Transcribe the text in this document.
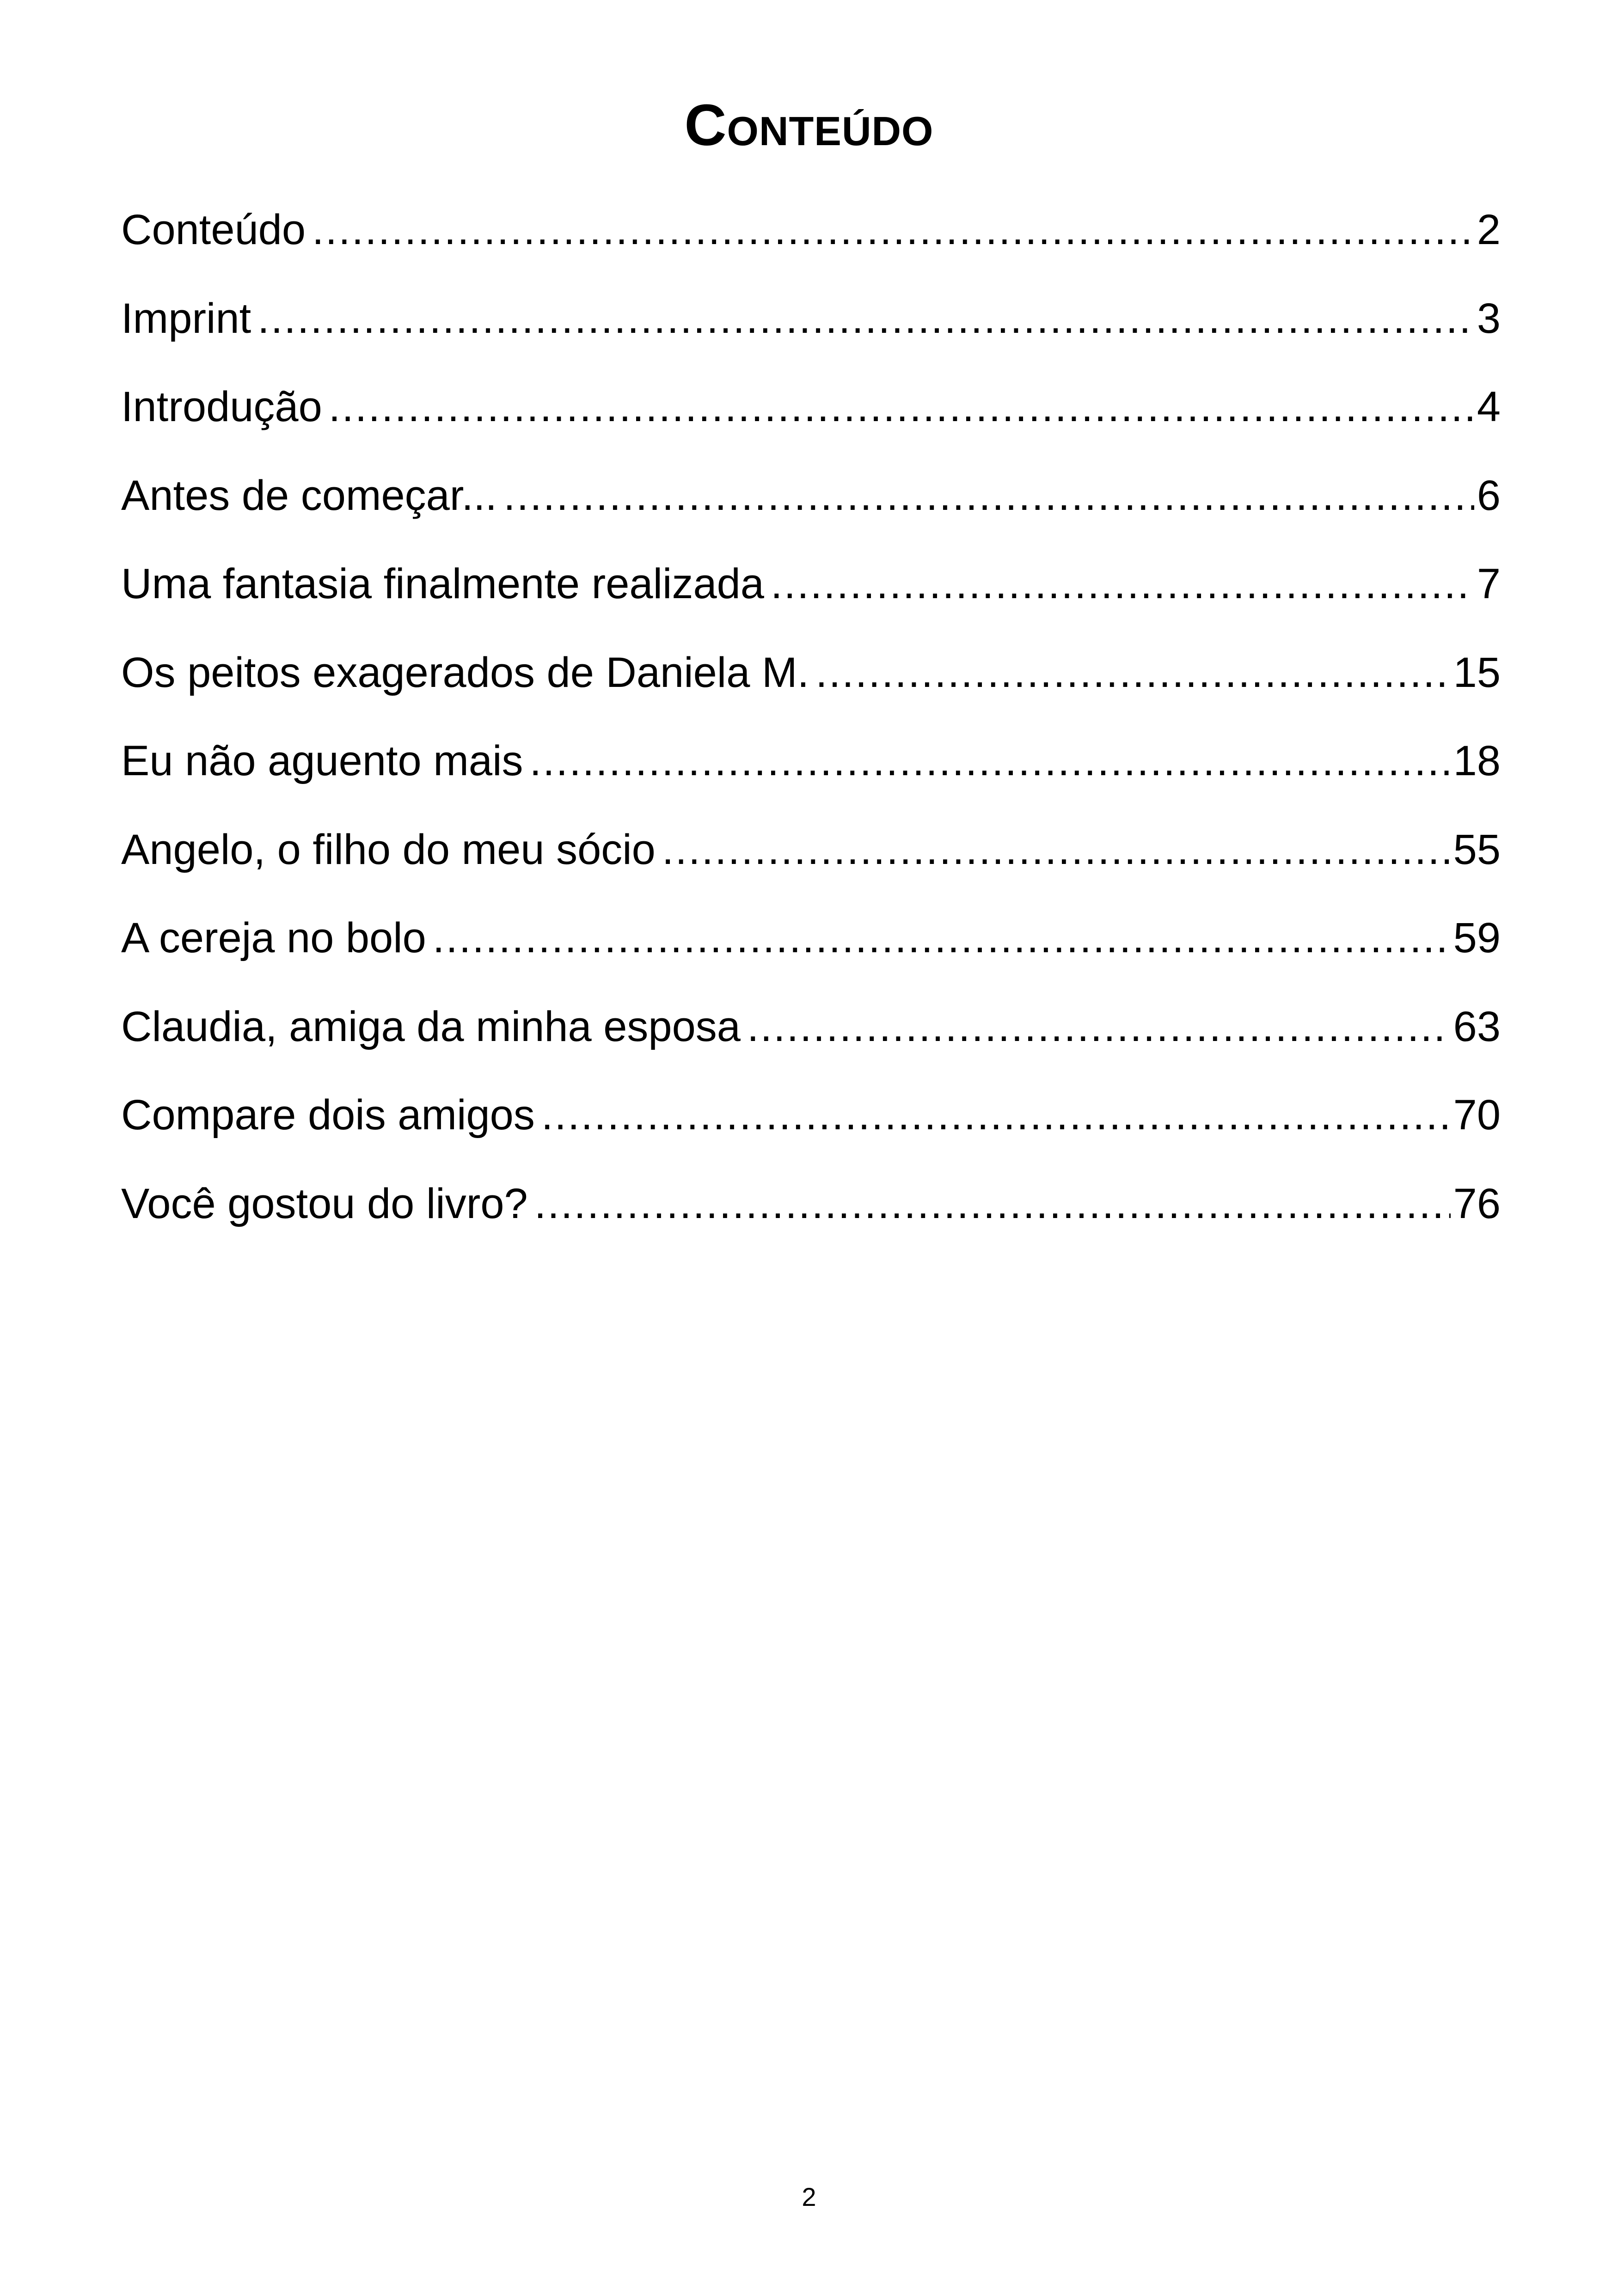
Conteúdo
Conteúdo .....	2
Imprint .....	3
Introdução .....	4
Antes de começar... .....	6
Uma fantasia finalmente realizada .....	7
Os peitos exagerados de Daniela M. .....	15
Eu não aguento mais .....	18
Angelo, o filho do meu sócio .....	55
A cereja no bolo .....	59
Claudia, amiga da minha esposa .....	63
Compare dois amigos .....	70
Você gostou do livro? .....	76
2
